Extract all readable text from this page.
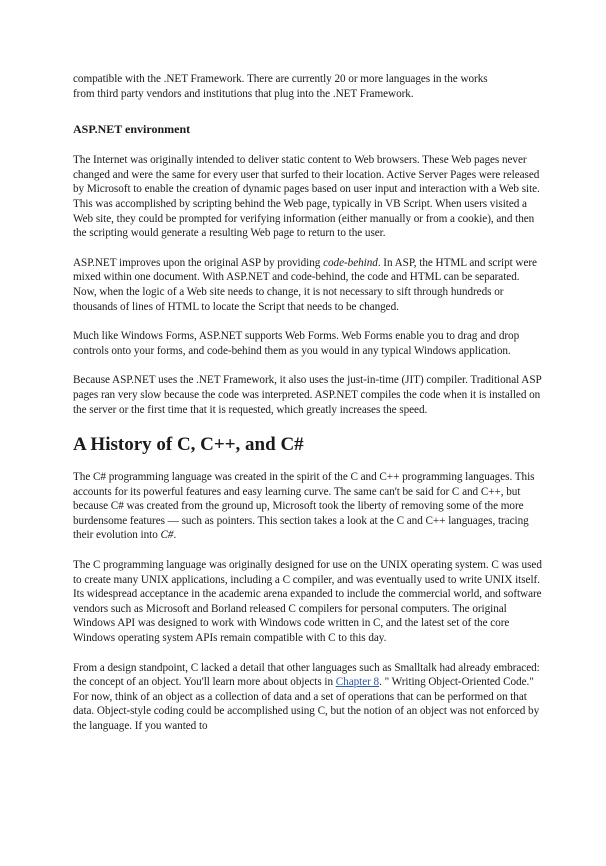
compatible with the .NET Framework. There are currently 20 or more languages in the works
from third party vendors and institutions that plug into the .NET Framework.

ASP.NET environment

The Internet was originally intended to deliver static content to Web browsers. These Web pages never changed and were the same for every user that surfed to their location. Active Server Pages were released by Microsoft to enable the creation of dynamic pages based on user input and interaction with a Web site. This was accomplished by scripting behind the Web page, typically in VB Script. When users visited a Web site, they could be prompted for verifying information (either manually or from a cookie), and then the scripting would generate a resulting Web page to return to the user.

ASP.NET improves upon the original ASP by providing code-behind. In ASP, the HTML and script were mixed within one document. With ASP.NET and code-behind, the code and HTML can be separated. Now, when the logic of a Web site needs to change, it is not necessary to sift through hundreds or thousands of lines of HTML to locate the Script that needs to be changed.

Much like Windows Forms, ASP.NET supports Web Forms. Web Forms enable you to drag and drop controls onto your forms, and code-behind them as you would in any typical Windows application.

Because ASP.NET uses the .NET Framework, it also uses the just-in-time (JIT) compiler. Traditional ASP pages ran very slow because the code was interpreted. ASP.NET compiles the code when it is installed on the server or the first time that it is requested, which greatly increases the speed.

A History of C, C++, and C#

The C# programming language was created in the spirit of the C and C++ programming languages. This accounts for its powerful features and easy learning curve. The same can't be said for C and C++, but because C# was created from the ground up, Microsoft took the liberty of removing some of the more burdensome features — such as pointers. This section takes a look at the C and C++ languages, tracing their evolution into C#.

The C programming language was originally designed for use on the UNIX operating system. C was used to create many UNIX applications, including a C compiler, and was eventually used to write UNIX itself. Its widespread acceptance in the academic arena expanded to include the commercial world, and software vendors such as Microsoft and Borland released C compilers for personal computers. The original Windows API was designed to work with Windows code written in C, and the latest set of the core Windows operating system APIs remain compatible with C to this day.

From a design standpoint, C lacked a detail that other languages such as Smalltalk had already embraced: the concept of an object. You'll learn more about objects in Chapter 8. " Writing Object-Oriented Code." For now, think of an object as a collection of data and a set of operations that can be performed on that data. Object-style coding could be accomplished using C, but the notion of an object was not enforced by the language. If you wanted to
